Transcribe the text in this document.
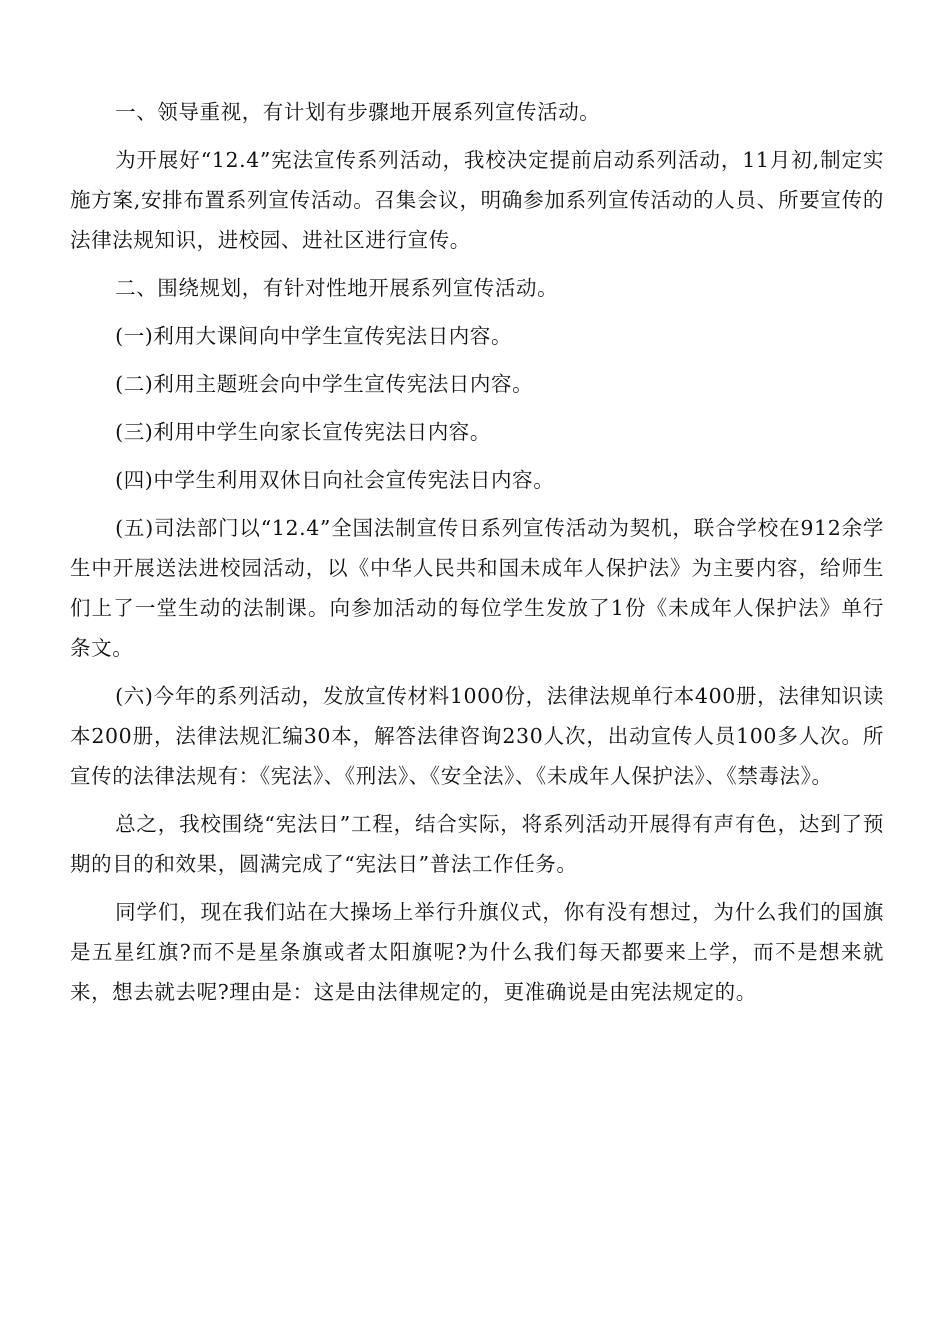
一、领导重视，有计划有步骤地开展系列宣传活动。

为开展好“12.4”宪法宣传系列活动，我校决定提前启动系列活动，11月初,制定实施方案,安排布置系列宣传活动。召集会议，明确参加系列宣传活动的人员、所要宣传的法律法规知识，进校园、进社区进行宣传。

二、围绕规划，有针对性地开展系列宣传活动。

(一)利用大课间向中学生宣传宪法日内容。

(二)利用主题班会向中学生宣传宪法日内容。

(三)利用中学生向家长宣传宪法日内容。

(四)中学生利用双休日向社会宣传宪法日内容。

(五)司法部门以“12.4”全国法制宣传日系列宣传活动为契机，联合学校在912余学生中开展送法进校园活动，以《中华人民共和国未成年人保护法》为主要内容，给师生们上了一堂生动的法制课。向参加活动的每位学生发放了1份《未成年人保护法》单行条文。

(六)今年的系列活动，发放宣传材料1000份，法律法规单行本400册，法律知识读本200册，法律法规汇编30本，解答法律咨询230人次，出动宣传人员100多人次。所宣传的法律法规有：《宪法》、《刑法》、《安全法》、《未成年人保护法》、《禁毒法》。

总之，我校围绕“宪法日”工程，结合实际，将系列活动开展得有声有色，达到了预期的目的和效果，圆满完成了“宪法日”普法工作任务。

同学们，现在我们站在大操场上举行升旗仪式，你有没有想过，为什么我们的国旗是五星红旗?而不是星条旗或者太阳旗呢?为什么我们每天都要来上学，而不是想来就来，想去就去呢?理由是：这是由法律规定的，更准确说是由宪法规定的。
